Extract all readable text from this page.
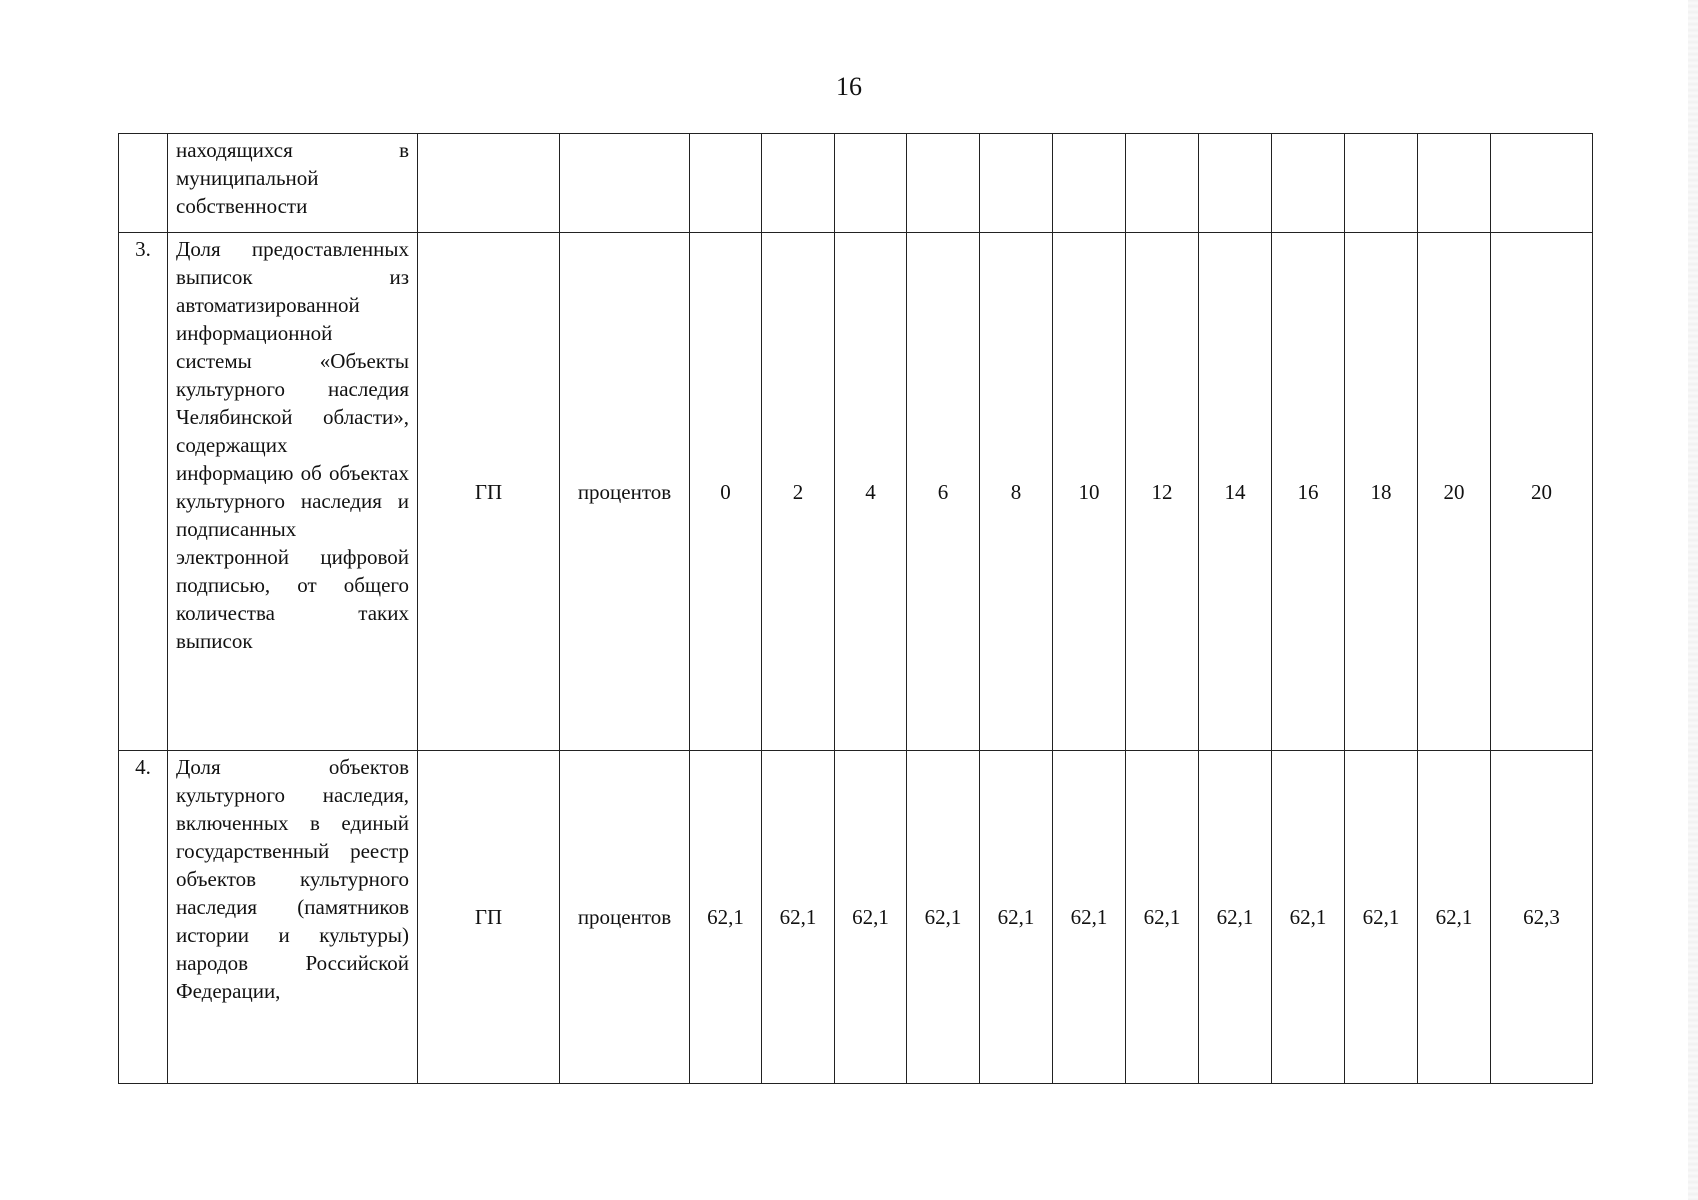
16
	находящихся в муниципальной собственности														
3.	Доля предоставленных выписок из автоматизированной информационной системы «Объекты культурного наследия Челябинской области», содержащих информацию об объектах культурного наследия и подписанных электронной цифровой подписью, от общего количества таких выписок	ГП	процентов	0	2	4	6	8	10	12	14	16	18	20	20
4.	Доля объектов культурного наследия, включенных в единый государственный реестр объектов культурного наследия (памятников истории и культуры) народов Российской Федерации,	ГП	процентов	62,1	62,1	62,1	62,1	62,1	62,1	62,1	62,1	62,1	62,1	62,1	62,3
